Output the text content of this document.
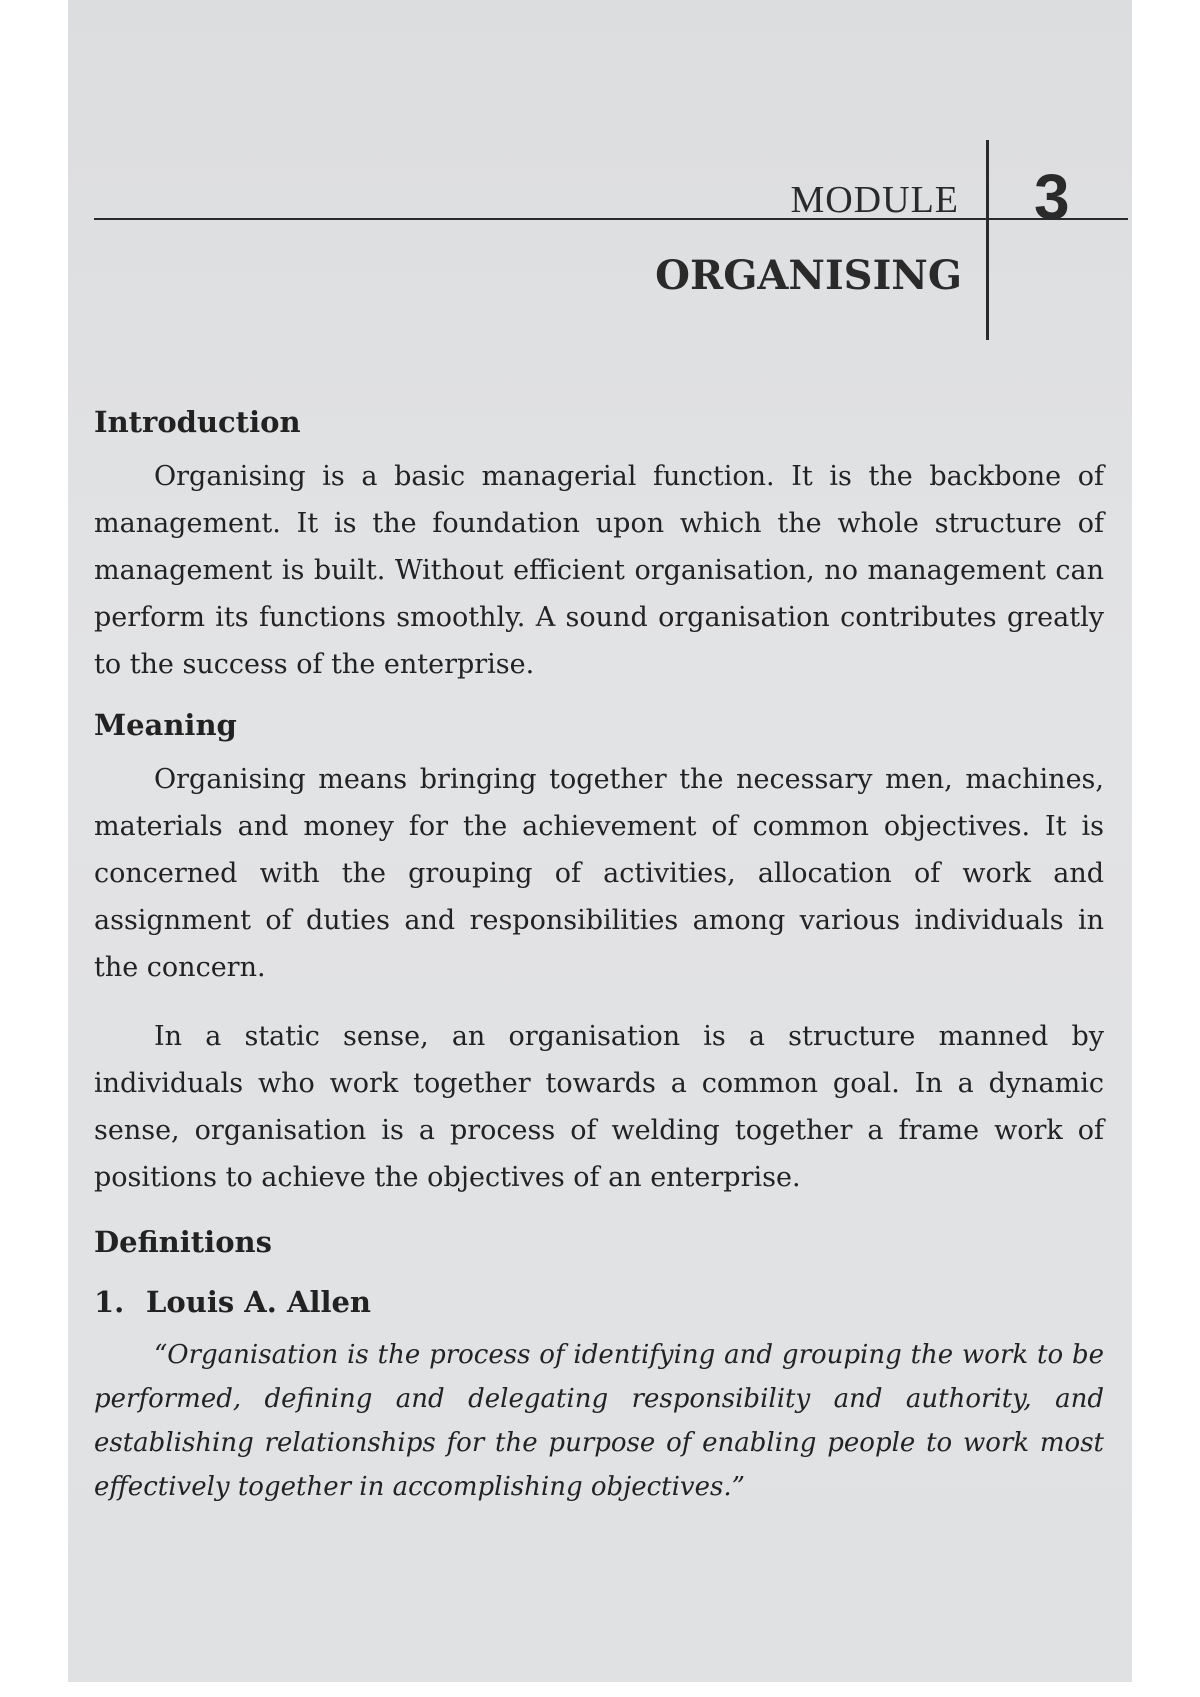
MODULE 3
ORGANISING
Introduction

Organising is a basic managerial function. It is the backbone of management. It is the foundation upon which the whole structure of management is built. Without efficient organisation, no management can perform its functions smoothly. A sound organisation contributes greatly to the success of the enterprise.

Meaning

Organising means bringing together the necessary men, machines, materials and money for the achievement of common objectives. It is concerned with the grouping of activities, allocation of work and assignment of duties and responsibilities among various individuals in the concern.

In a static sense, an organisation is a structure manned by individuals who work together towards a common goal. In a dynamic sense, organisation is a process of welding together a frame work of positions to achieve the objectives of an enterprise.

Definitions
1. Louis A. Allen

“Organisation is the process of identifying and grouping the work to be performed, defining and delegating responsibility and authority, and establishing relationships for the purpose of enabling people to work most effectively together in accomplishing objectives.”
